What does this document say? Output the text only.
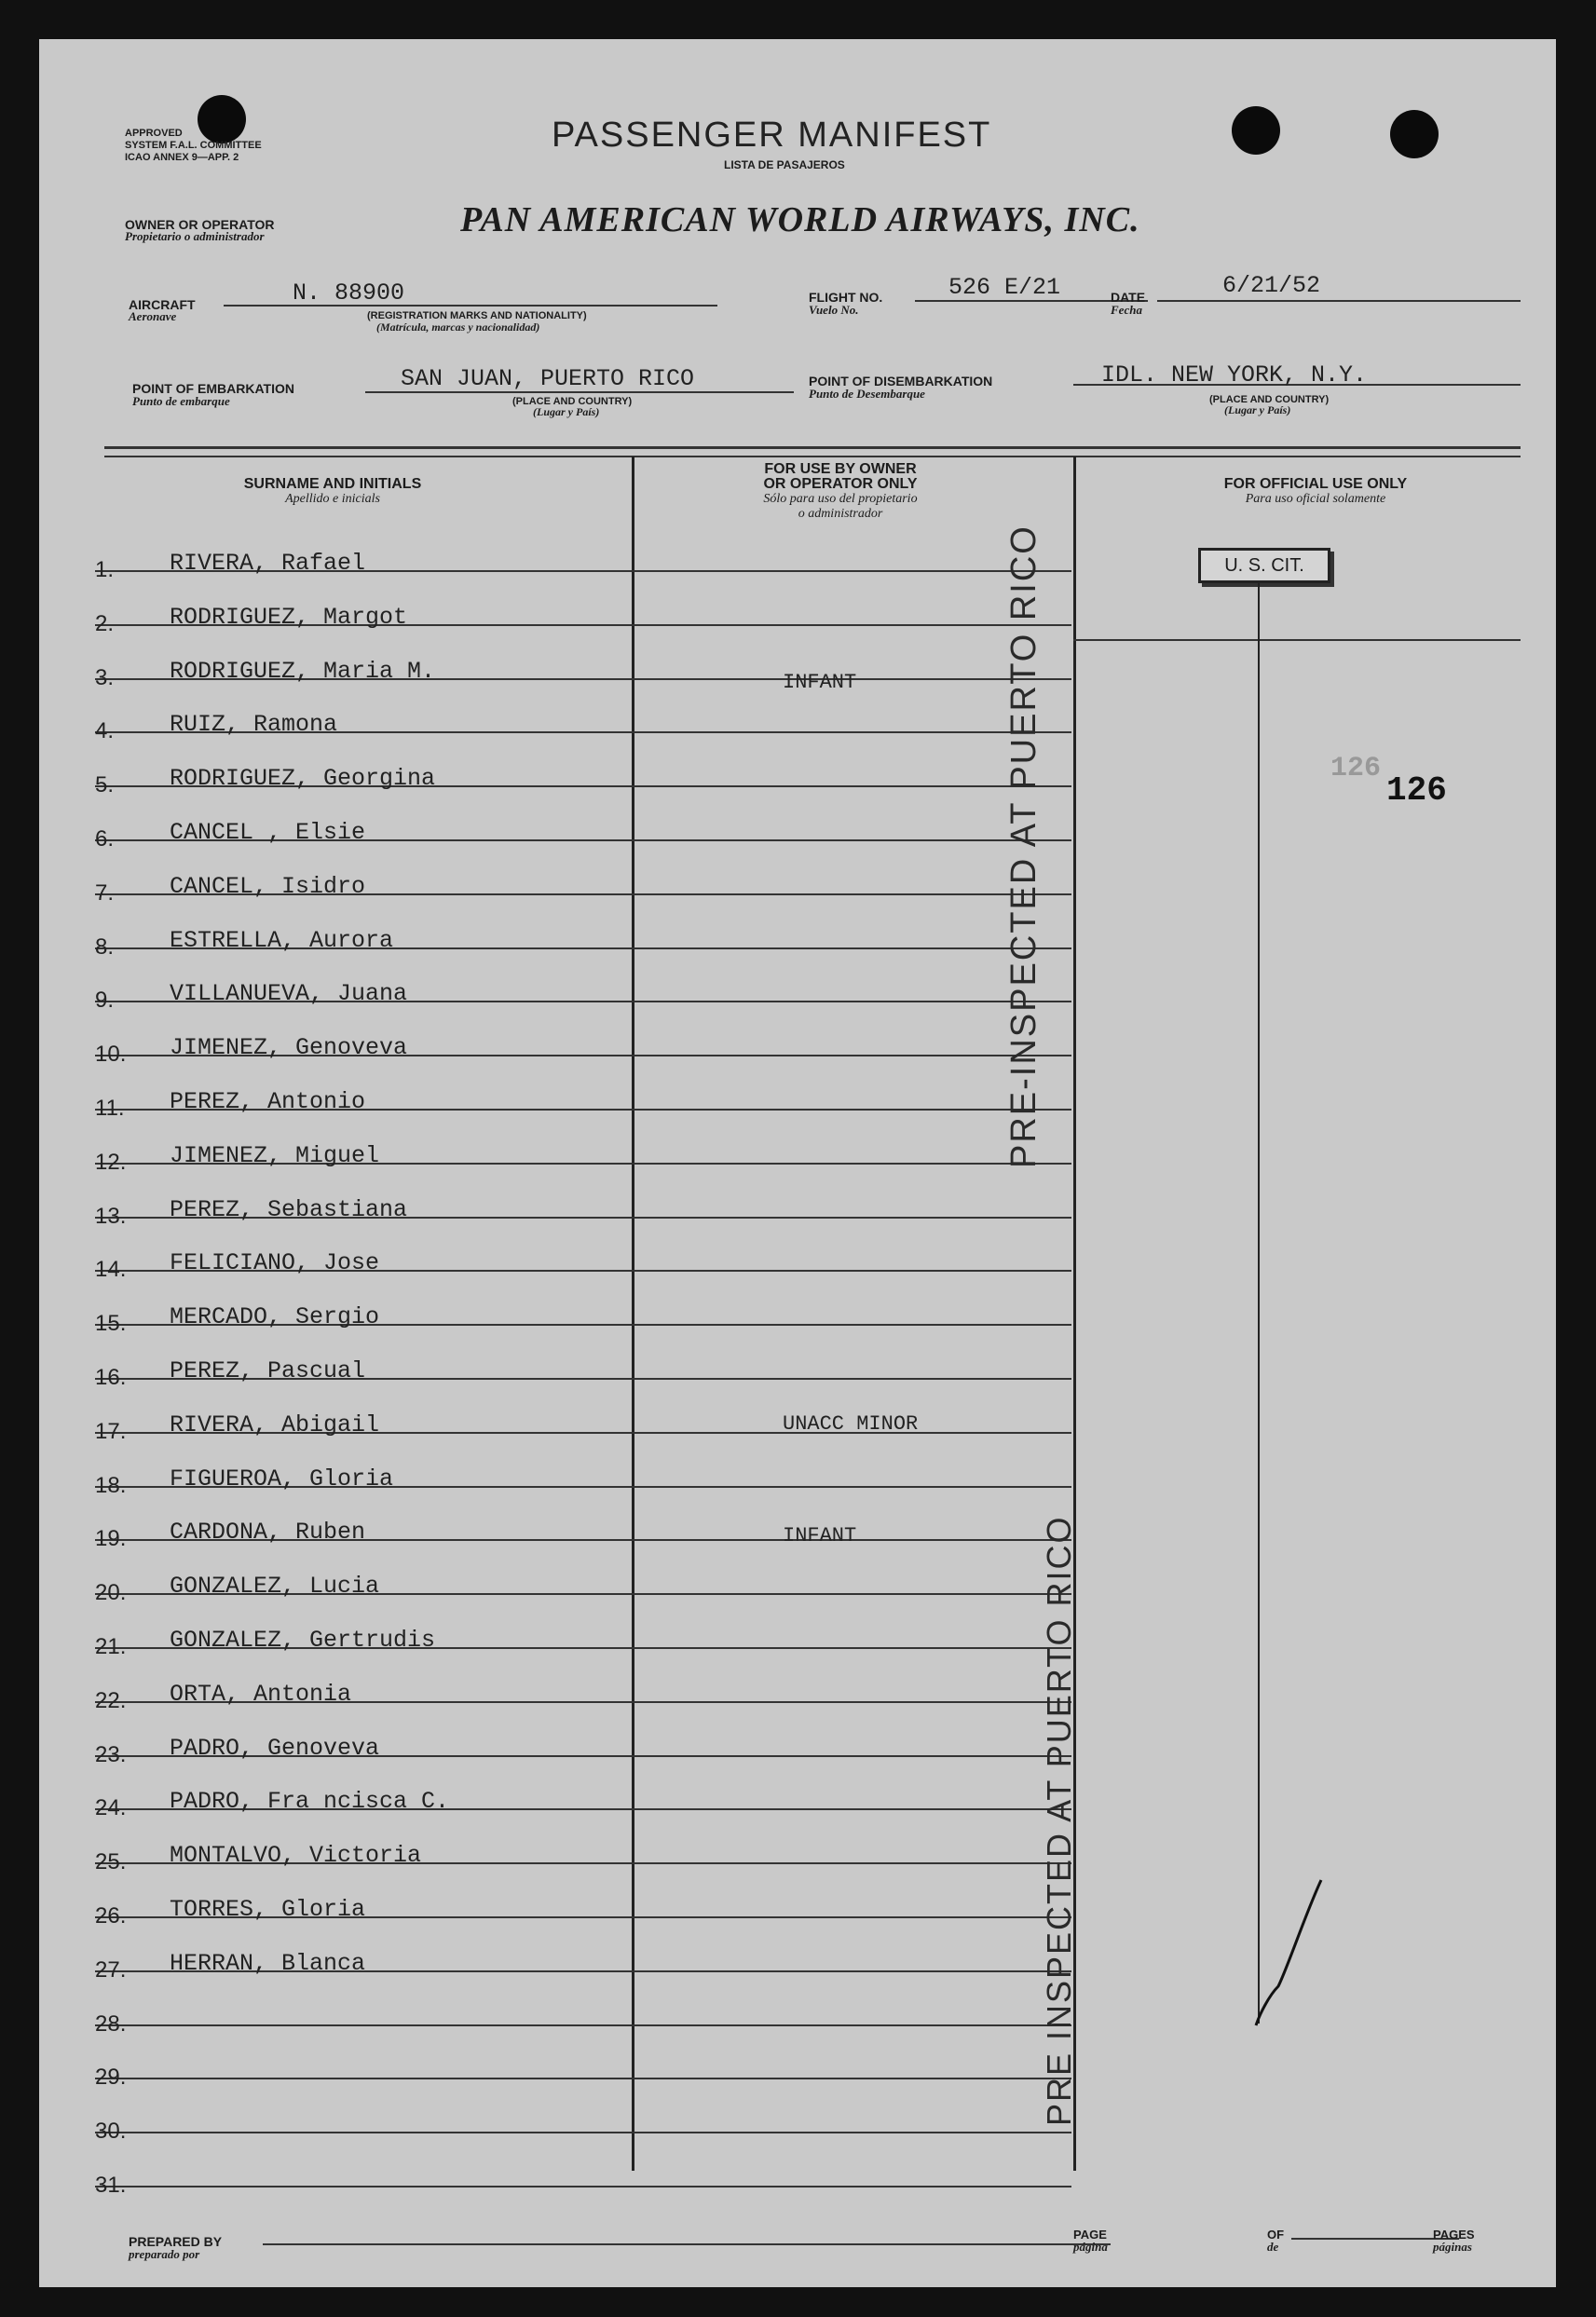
APPROVED
SYSTEM F.A.L. COMMITTEE
ICAO ANNEX 9—APP. 2
PASSENGER MANIFEST
LISTA DE PASAJEROS
OWNER OR OPERATOR
Propietario o administrador	PAN AMERICAN WORLD AIRWAYS, INC.
AIRCRAFT
Aeronave
N. 88900
(REGISTRATION MARKS AND NATIONALITY)
(Matrícula, marcas y nacionalidad)
FLIGHT NO.
Vuelo No.
526 E/21	DATE
Fecha
6/21/52
POINT OF EMBARKATION
Punto de embarque
SAN JUAN, PUERTO RICO
(PLACE AND COUNTRY)
(Lugar y País)
POINT OF DISEMBARKATION
Punto de Desembarque
IDL. NEW YORK, N.Y.
(PLACE AND COUNTRY)
(Lugar y País)
SURNAME AND INITIALS
Apellido e inicials
FOR USE BY OWNER
OR OPERATOR ONLY
Sólo para uso del propietario
o administrador
FOR OFFICIAL USE ONLY
Para uso oficial solamente
1. RIVERA, Rafael
2. RODRIGUEZ, Margot
3. RODRIGUEZ, Maria M.
4. RUIZ, Ramona
5. RODRIGUEZ, Georgina
6. CANCEL , Elsie
7. CANCEL, Isidro
8. ESTRELLA, Aurora
9. VILLANUEVA, Juana
10. JIMENEZ, Genoveva
11. PEREZ, Antonio
12. JIMENEZ, Miguel
13. PEREZ, Sebastiana
14. FELICIANO, Jose
15. MERCADO, Sergio
16. PEREZ, Pascual
17. RIVERA, Abigail
18. FIGUEROA, Gloria
19. CARDONA, Ruben
20. GONZALEZ, Lucia
21. GONZALEZ, Gertrudis
22. ORTA, Antonia
23. PADRO, Genoveva
24. PADRO, Fra ncisca C.
25. MONTALVO, Victoria
26. TORRES, Gloria
27. HERRAN, Blanca
28.
29.
30.
31.
INFANT
UNACC MINOR
INFANT
PRE-INSPECTED AT PUERTO RICO
PRE INSPECTED AT PUERTO RICO
U. S. CIT.
126
126
PREPARED BY
preparado por
PAGE
página
OF
de
PAGES
páginas
